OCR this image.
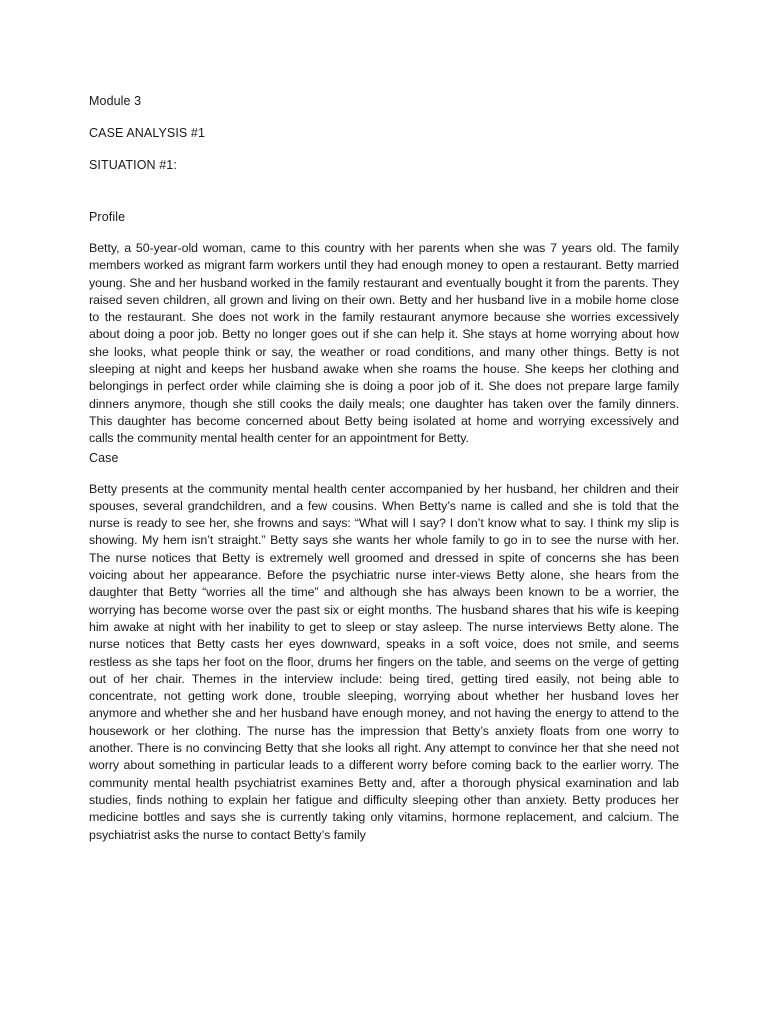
Module 3
CASE ANALYSIS #1
SITUATION #1:
Profile

Betty, a 50-year-old woman, came to this country with her parents when she was 7 years old. The family members worked as migrant farm workers until they had enough money to open a restaurant. Betty married young. She and her husband worked in the family restaurant and eventually bought it from the parents. They raised seven children, all grown and living on their own. Betty and her husband live in a mobile home close to the restaurant. She does not work in the family restaurant anymore because she worries excessively about doing a poor job. Betty no longer goes out if she can help it. She stays at home worrying about how she looks, what people think or say, the weather or road conditions, and many other things. Betty is not sleeping at night and keeps her husband awake when she roams the house. She keeps her clothing and belongings in perfect order while claiming she is doing a poor job of it. She does not prepare large family dinners anymore, though she still cooks the daily meals; one daughter has taken over the family dinners. This daughter has become concerned about Betty being isolated at home and worrying excessively and calls the community mental health center for an appointment for Betty.

Case

Betty presents at the community mental health center accompanied by her husband, her children and their spouses, several grandchildren, and a few cousins. When Betty’s name is called and she is told that the nurse is ready to see her, she frowns and says: “What will I say? I don’t know what to say. I think my slip is showing. My hem isn’t straight.” Betty says she wants her whole family to go in to see the nurse with her. The nurse notices that Betty is extremely well groomed and dressed in spite of concerns she has been voicing about her appearance. Before the psychiatric nurse inter-views Betty alone, she hears from the daughter that Betty “worries all the time” and although she has always been known to be a worrier, the worrying has become worse over the past six or eight months. The husband shares that his wife is keeping him awake at night with her inability to get to sleep or stay asleep. The nurse interviews Betty alone. The nurse notices that Betty casts her eyes downward, speaks in a soft voice, does not smile, and seems restless as she taps her foot on the floor, drums her fingers on the table, and seems on the verge of getting out of her chair. Themes in the interview include: being tired, getting tired easily, not being able to concentrate, not getting work done, trouble sleeping, worrying about whether her husband loves her anymore and whether she and her husband have enough money, and not having the energy to attend to the housework or her clothing. The nurse has the impression that Betty’s anxiety floats from one worry to another. There is no convincing Betty that she looks all right. Any attempt to convince her that she need not worry about something in particular leads to a different worry before coming back to the earlier worry. The community mental health psychiatrist examines Betty and, after a thorough physical examination and lab studies, finds nothing to explain her fatigue and difficulty sleeping other than anxiety. Betty produces her medicine bottles and says she is currently taking only vitamins, hormone replacement, and calcium. The psychiatrist asks the nurse to contact Betty’s family
